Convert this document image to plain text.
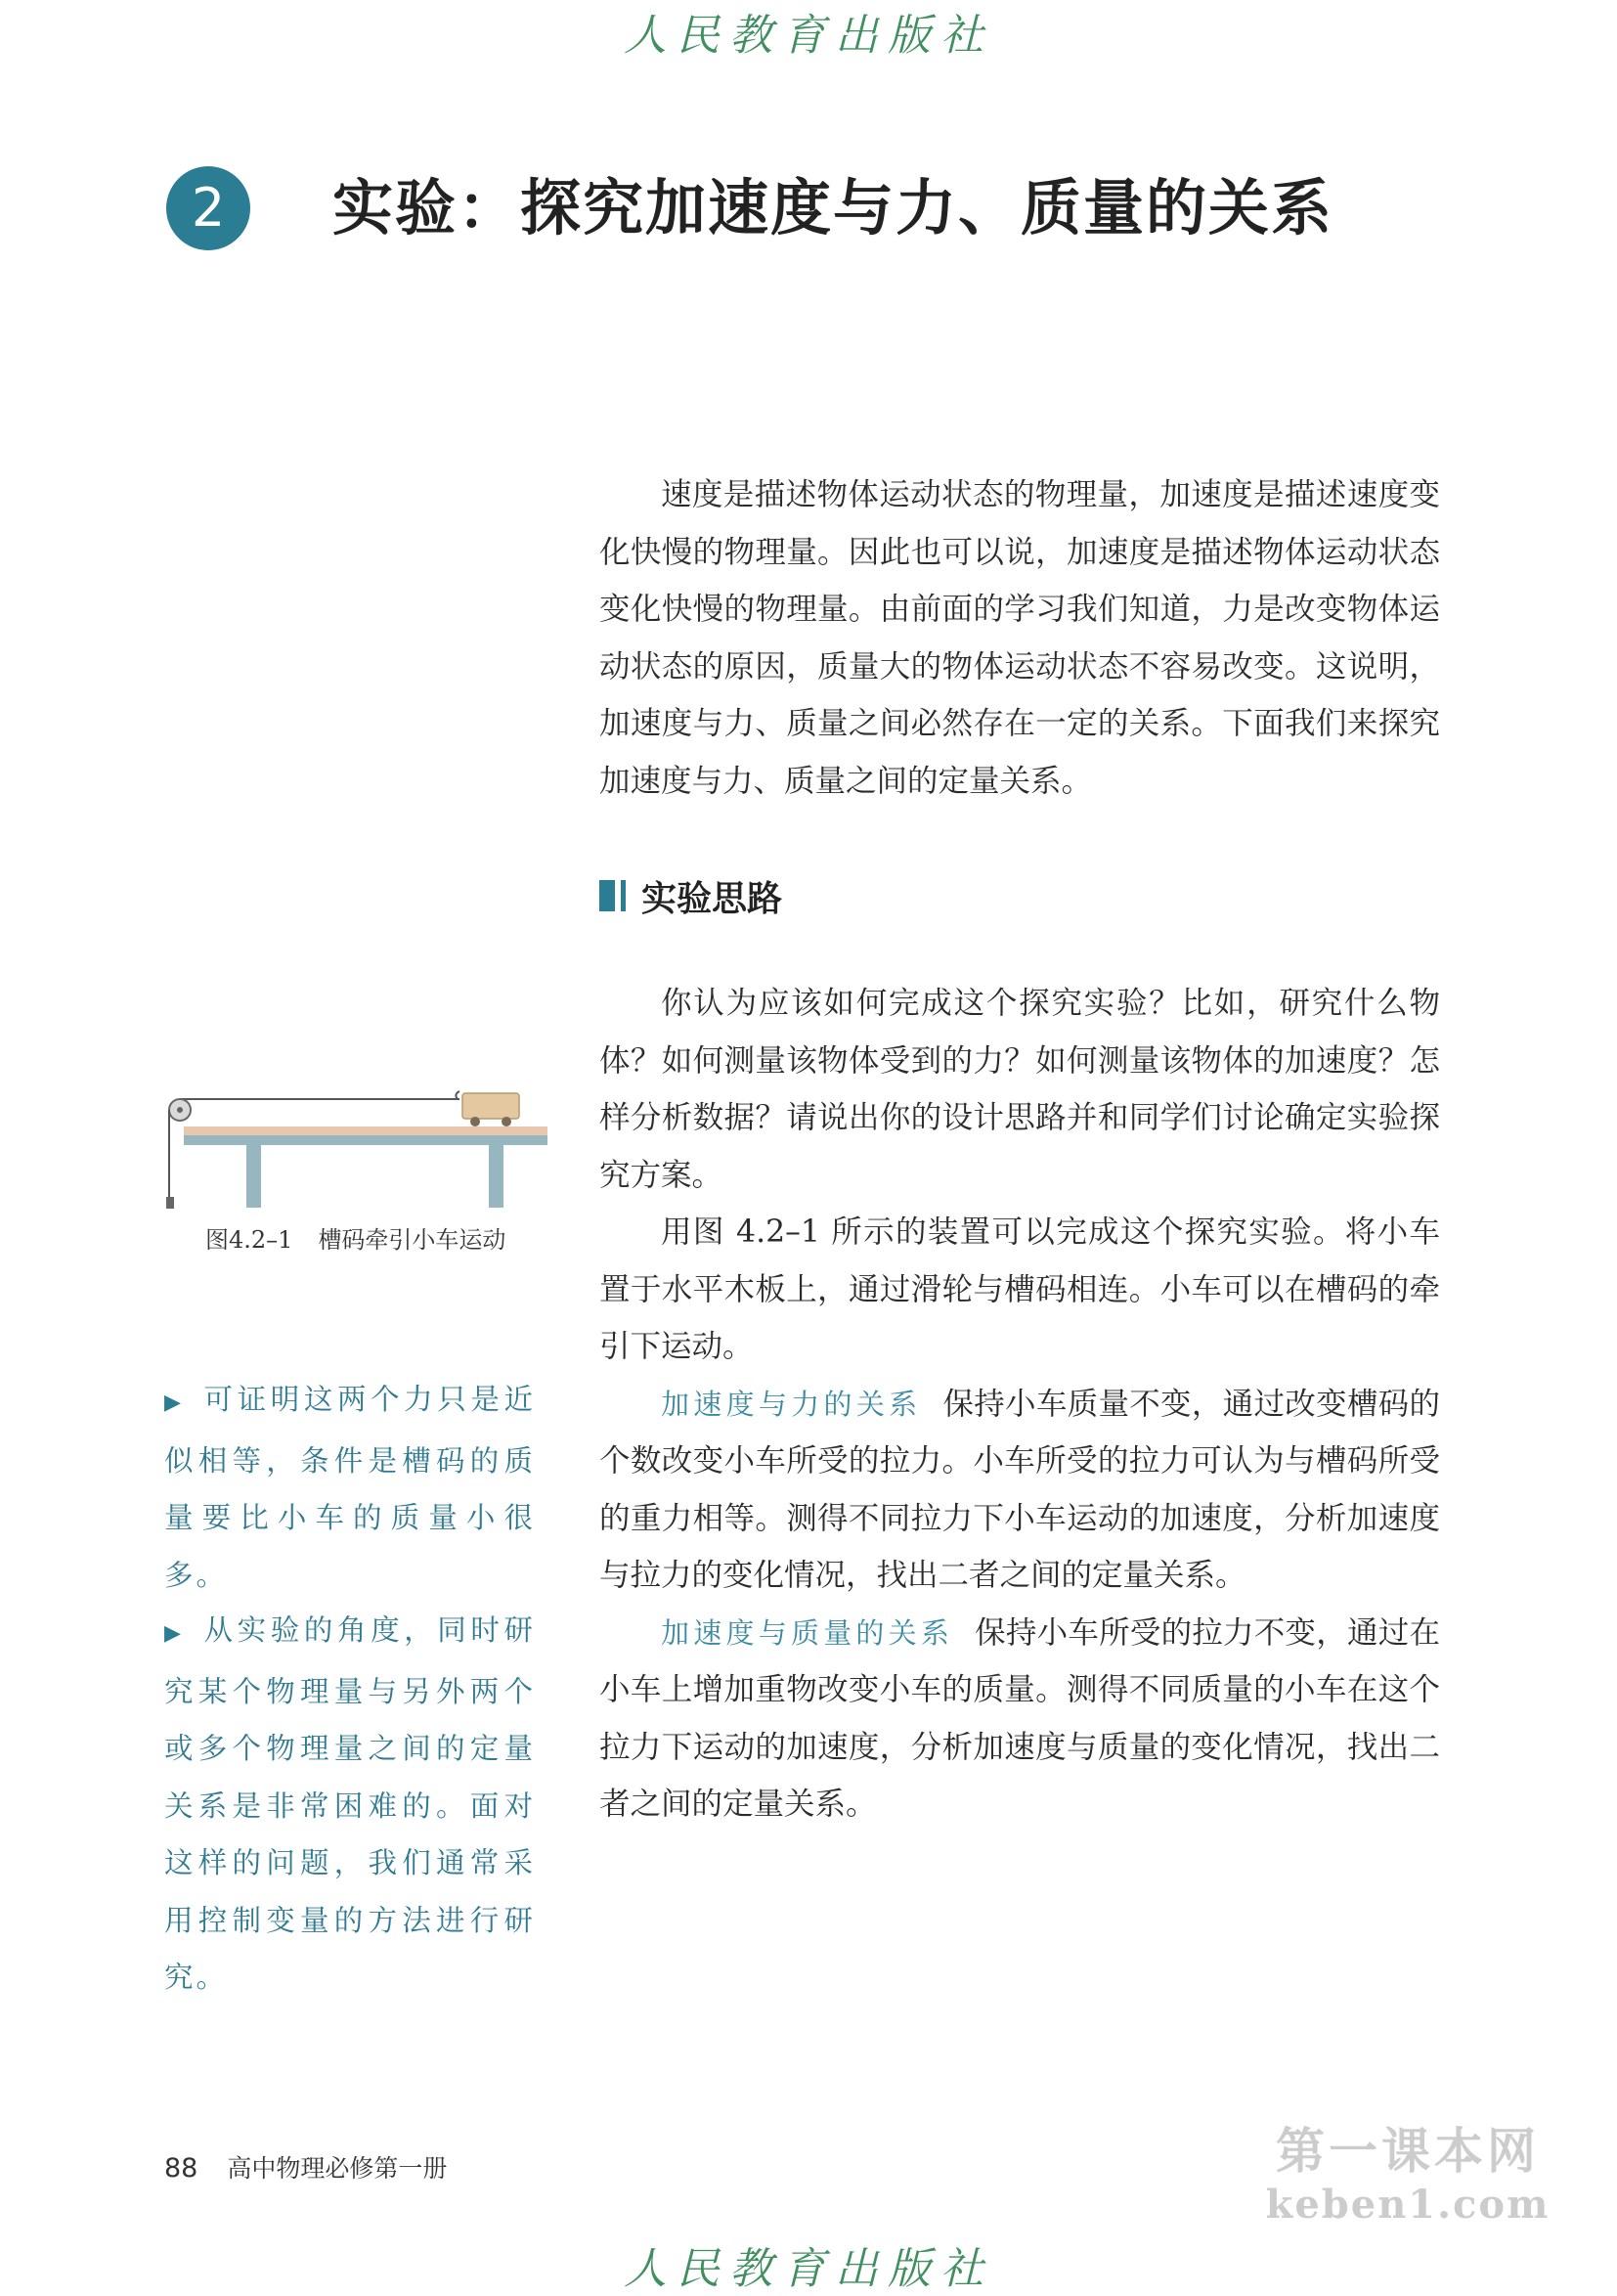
人民教育出版社
2	实验：探究加速度与力、质量的关系

速度是描述物体运动状态的物理量，加速度是描述速度变化快慢的物理量。因此也可以说，加速度是描述物体运动状态变化快慢的物理量。由前面的学习我们知道，力是改变物体运动状态的原因，质量大的物体运动状态不容易改变。这说明，加速度与力、质量之间必然存在一定的关系。下面我们来探究加速度与力、质量之间的定量关系。

实验思路

你认为应该如何完成这个探究实验？比如，研究什么物体？如何测量该物体受到的力？如何测量该物体的加速度？怎样分析数据？请说出你的设计思路并和同学们讨论确定实验探究方案。

用图 4.2–1 所示的装置可以完成这个探究实验。将小车置于水平木板上，通过滑轮与槽码相连。小车可以在槽码的牵引下运动。

加速度与力的关系 保持小车质量不变，通过改变槽码的个数改变小车所受的拉力。小车所受的拉力可认为与槽码所受的重力相等。测得不同拉力下小车运动的加速度，分析加速度与拉力的变化情况，找出二者之间的定量关系。

加速度与质量的关系 保持小车所受的拉力不变，通过在小车上增加重物改变小车的质量。测得不同质量的小车在这个拉力下运动的加速度，分析加速度与质量的变化情况，找出二者之间的定量关系。

图4.2–1 槽码牵引小车运动
▶ 可证明这两个力只是近似相等，条件是槽码的质量要比小车的质量小很多。
▶ 从实验的角度，同时研究某个物理量与另外两个或多个物理量之间的定量关系是非常困难的。面对这样的问题，我们通常采用控制变量的方法进行研究。
88 高中物理必修第一册	第一课本网
keben1.com
人民教育出版社
